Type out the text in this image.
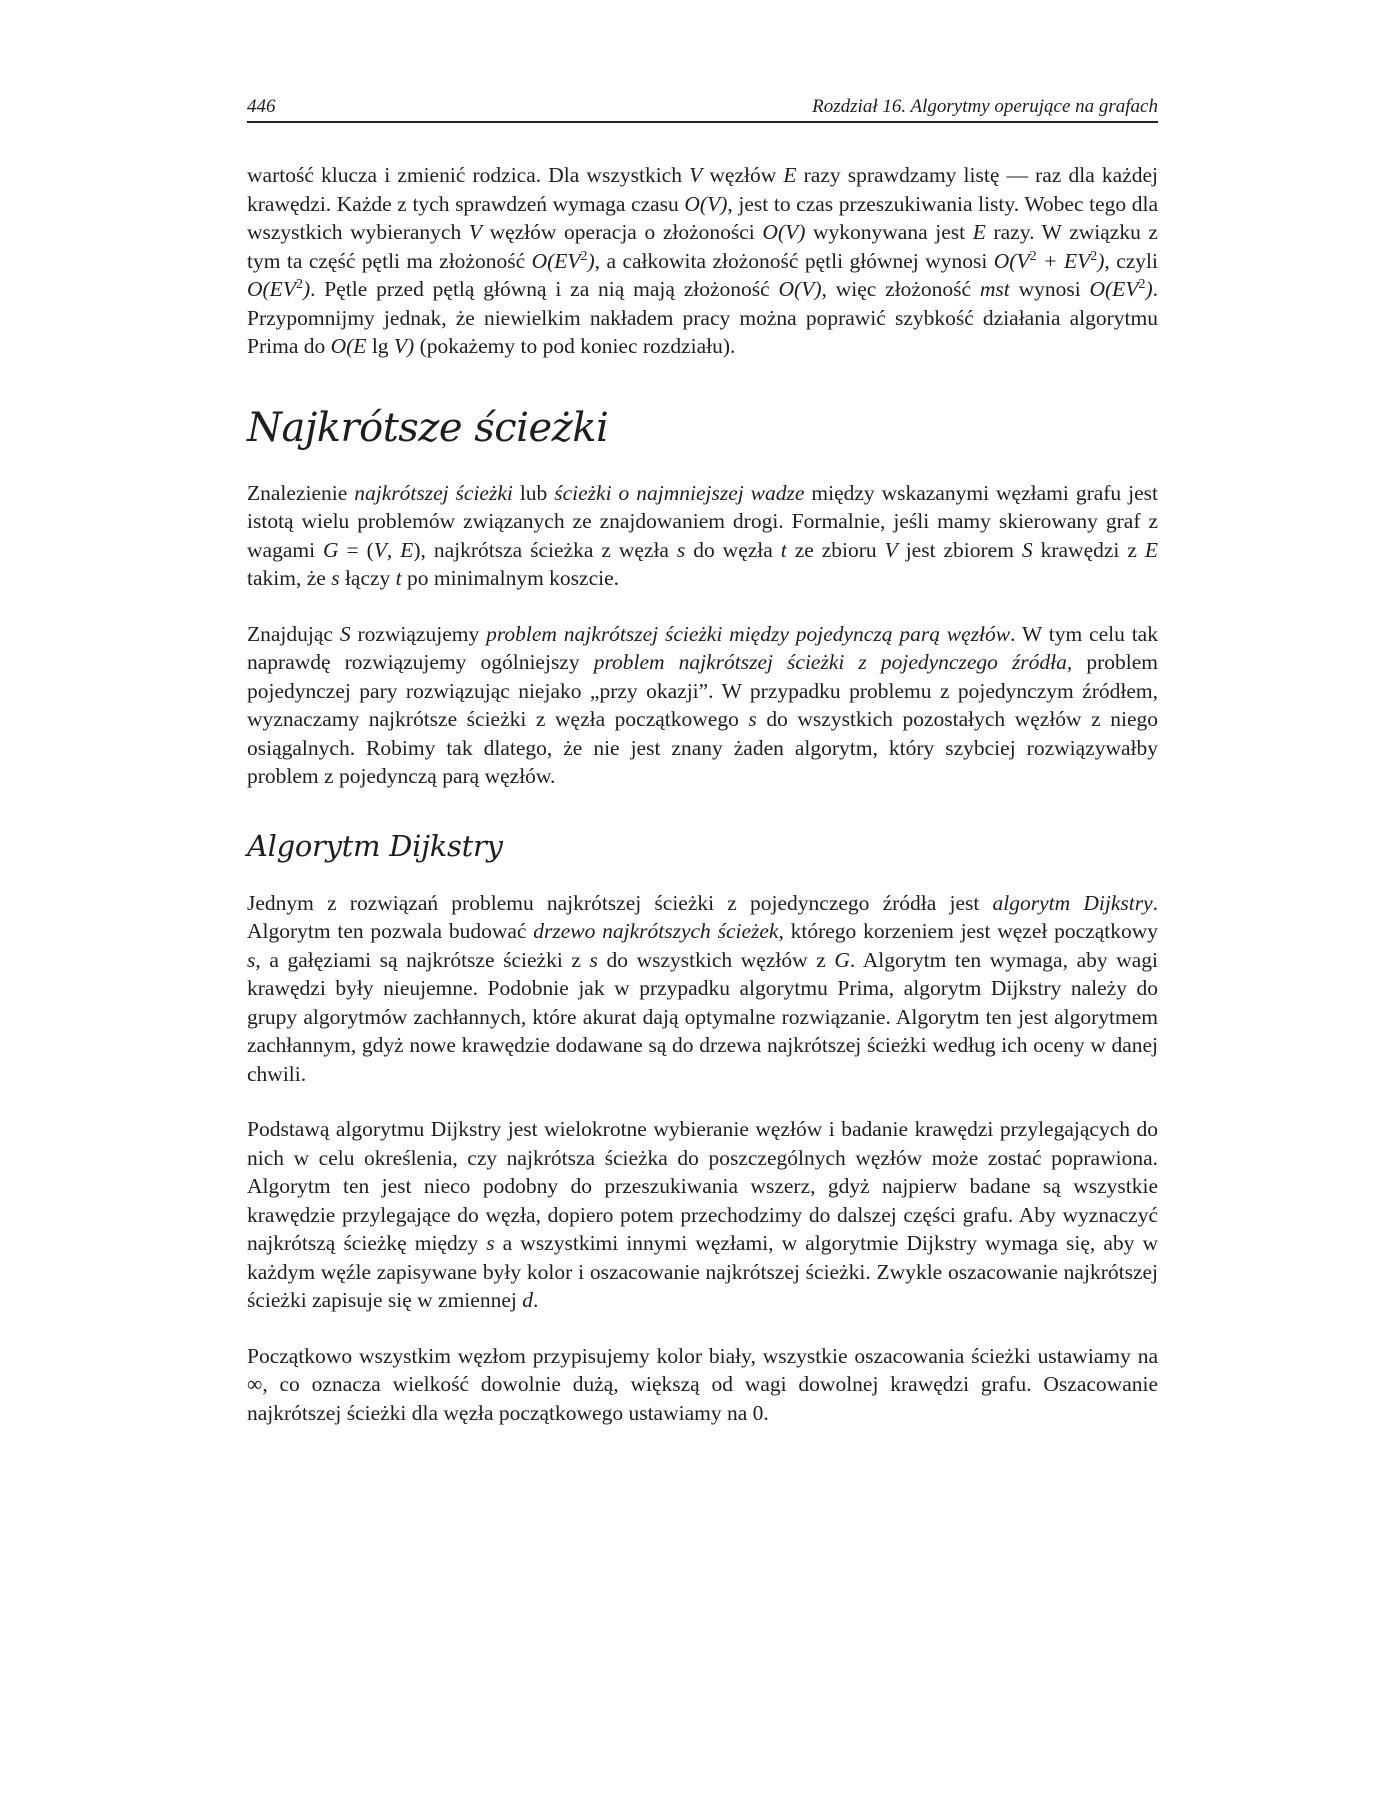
446	Rozdział 16. Algorytmy operujące na grafach

wartość klucza i zmienić rodzica. Dla wszystkich V węzłów E razy sprawdzamy listę — raz dla każdej krawędzi. Każde z tych sprawdzeń wymaga czasu O(V), jest to czas przeszukiwania listy. Wobec tego dla wszystkich wybieranych V węzłów operacja o złożoności O(V) wykonywana jest E razy. W związku z tym ta część pętli ma złożoność $O(EV^2)$, a całkowita złożoność pętli głównej wynosi $O(V^2 + EV^2)$, czyli $O(EV^2)$. Pętle przed pętlą główną i za nią mają złożoność O(V), więc złożoność mst wynosi $O(EV^2)$. Przypomnijmy jednak, że niewielkim nakładem pracy można poprawić szybkość działania algorytmu Prima do O(E lg V) (pokażemy to pod koniec rozdziału).

Najkrótsze ścieżki

Znalezienie najkrótszej ścieżki lub ścieżki o najmniejszej wadze między wskazanymi węzłami grafu jest istotą wielu problemów związanych ze znajdowaniem drogi. Formalnie, jeśli mamy skierowany graf z wagami G = (V, E), najkrótsza ścieżka z węzła s do węzła t ze zbioru V jest zbiorem S krawędzi z E takim, że s łączy t po minimalnym koszcie.

Znajdując S rozwiązujemy problem najkrótszej ścieżki między pojedynczą parą węzłów. W tym celu tak naprawdę rozwiązujemy ogólniejszy problem najkrótszej ścieżki z pojedynczego źródła, problem pojedynczej pary rozwiązując niejako „przy okazji”. W przypadku problemu z pojedynczym źródłem, wyznaczamy najkrótsze ścieżki z węzła początkowego s do wszystkich pozostałych węzłów z niego osiągalnych. Robimy tak dlatego, że nie jest znany żaden algorytm, który szybciej rozwiązywałby problem z pojedynczą parą węzłów.

Algorytm Dijkstry

Jednym z rozwiązań problemu najkrótszej ścieżki z pojedynczego źródła jest algorytm Dijkstry. Algorytm ten pozwala budować drzewo najkrótszych ścieżek, którego korzeniem jest węzeł początkowy s, a gałęziami są najkrótsze ścieżki z s do wszystkich węzłów z G. Algorytm ten wymaga, aby wagi krawędzi były nieujemne. Podobnie jak w przypadku algorytmu Prima, algorytm Dijkstry należy do grupy algorytmów zachłannych, które akurat dają optymalne rozwiązanie. Algorytm ten jest algorytmem zachłannym, gdyż nowe krawędzie dodawane są do drzewa najkrótszej ścieżki według ich oceny w danej chwili.

Podstawą algorytmu Dijkstry jest wielokrotne wybieranie węzłów i badanie krawędzi przylegających do nich w celu określenia, czy najkrótsza ścieżka do poszczególnych węzłów może zostać poprawiona. Algorytm ten jest nieco podobny do przeszukiwania wszerz, gdyż najpierw badane są wszystkie krawędzie przylegające do węzła, dopiero potem przechodzimy do dalszej części grafu. Aby wyznaczyć najkrótszą ścieżkę między s a wszystkimi innymi węzłami, w algorytmie Dijkstry wymaga się, aby w każdym węźle zapisywane były kolor i oszacowanie najkrótszej ścieżki. Zwykle oszacowanie najkrótszej ścieżki zapisuje się w zmiennej d.

Początkowo wszystkim węzłom przypisujemy kolor biały, wszystkie oszacowania ścieżki ustawiamy na ∞, co oznacza wielkość dowolnie dużą, większą od wagi dowolnej krawędzi grafu. Oszacowanie najkrótszej ścieżki dla węzła początkowego ustawiamy na 0.
